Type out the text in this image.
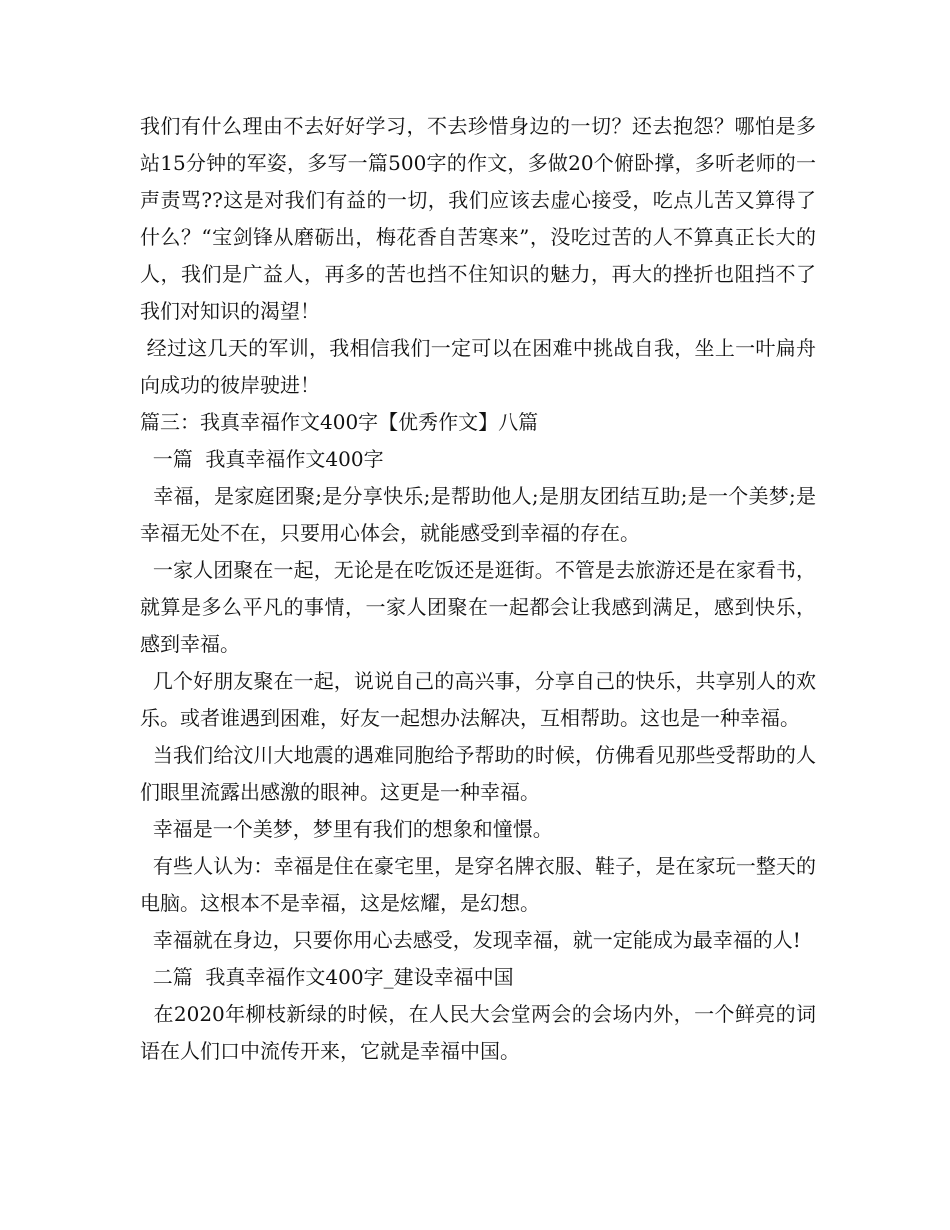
我们有什么理由不去好好学习，不去珍惜身边的一切？还去抱怨？哪怕是多站15分钟的军姿，多写一篇500字的作文，多做20个俯卧撑，多听老师的一声责骂??这是对我们有益的一切，我们应该去虚心接受，吃点儿苦又算得了什么？“宝剑锋从磨砺出，梅花香自苦寒来”，没吃过苦的人不算真正长大的人，我们是广益人，再多的苦也挡不住知识的魅力，再大的挫折也阻挡不了我们对知识的渴望！

经过这几天的军训，我相信我们一定可以在困难中挑战自我，坐上一叶扁舟向成功的彼岸驶进！

篇三：我真幸福作文400字【优秀作文】八篇

一篇  我真幸福作文400字

幸福，是家庭团聚;是分享快乐;是帮助他人;是朋友团结互助;是一个美梦;是幸福无处不在，只要用心体会，就能感受到幸福的存在。

一家人团聚在一起，无论是在吃饭还是逛街。不管是去旅游还是在家看书，就算是多么平凡的事情，一家人团聚在一起都会让我感到满足，感到快乐，感到幸福。

几个好朋友聚在一起，说说自己的高兴事，分享自己的快乐，共享别人的欢乐。或者谁遇到困难，好友一起想办法解决，互相帮助。这也是一种幸福。

当我们给汶川大地震的遇难同胞给予帮助的时候，仿佛看见那些受帮助的人们眼里流露出感激的眼神。这更是一种幸福。

幸福是一个美梦，梦里有我们的想象和憧憬。

有些人认为：幸福是住在豪宅里，是穿名牌衣服、鞋子，是在家玩一整天的电脑。这根本不是幸福，这是炫耀，是幻想。

幸福就在身边，只要你用心去感受，发现幸福，就一定能成为最幸福的人!

二篇  我真幸福作文400字_建设幸福中国

在2020年柳枝新绿的时候，在人民大会堂两会的会场内外，一个鲜亮的词语在人们口中流传开来，它就是幸福中国。
